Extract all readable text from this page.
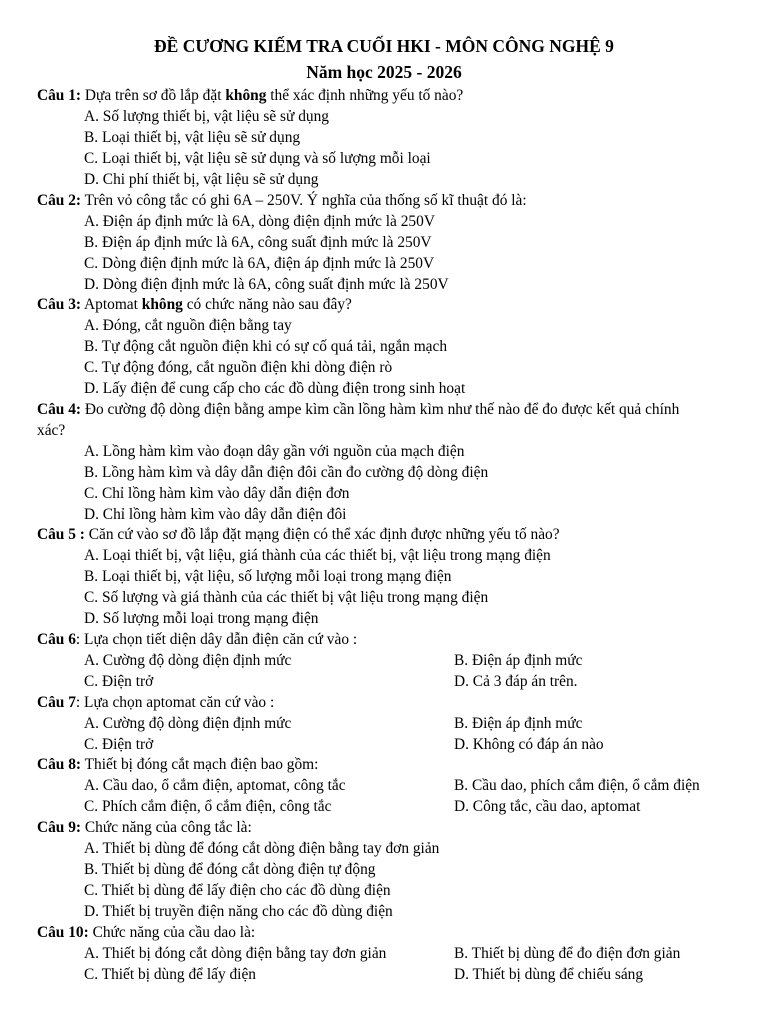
ĐỀ CƯƠNG KIẾM TRA CUỐI HKI - MÔN CÔNG NGHỆ 9
Năm học 2025 - 2026
Câu 1: Dựa trên sơ đồ lắp đặt không thể xác định những yếu tố nào?
A. Số lượng thiết bị, vật liệu sẽ sử dụng
B. Loại thiết bị, vật liệu sẽ sử dụng
C. Loại thiết bị, vật liệu sẽ sử dụng và số lượng mỗi loại
D. Chi phí thiết bị, vật liệu sẽ sử dụng
Câu 2: Trên vỏ công tắc có ghi 6A – 250V. Ý nghĩa của thống số kĩ thuật đó là:
A. Điện áp định mức là 6A, dòng điện định mức là 250V
B. Điện áp định mức là 6A, công suất định mức là 250V
C. Dòng điện định mức là 6A, điện áp định mức là 250V
D. Dòng điện định mức là 6A, công suất định mức là 250V
Câu 3: Aptomat không có chức năng nào sau đây?
A. Đóng, cắt nguồn điện bằng tay
B. Tự động cắt nguồn điện khi có sự cố quá tải, ngắn mạch
C. Tự động đóng, cắt nguồn điện khi dòng điện rò
D. Lấy điện để cung cấp cho các đồ dùng điện trong sinh hoạt
Câu 4: Đo cường độ dòng điện bằng ampe kìm cần lồng hàm kìm như thế nào để đo được kết quả chính
xác?
A. Lồng hàm kìm vào đoạn dây gần với nguồn của mạch điện
B. Lồng hàm kìm và dây dẫn điện đôi cần đo cường độ dòng điện
C. Chỉ lồng hàm kìm vào dây dẫn điện đơn
D. Chỉ lồng hàm kìm vào dây dẫn điện đôi
Câu 5 : Căn cứ vào sơ đồ lắp đặt mạng điện có thể xác định được những yếu tố nào?
A. Loại thiết bị, vật liệu, giá thành của các thiết bị, vật liệu trong mạng điện
B. Loại thiết bị, vật liệu, số lượng mỗi loại trong mạng điện
C. Số lượng và giá thành của các thiết bị vật liệu trong mạng điện
D. Số lượng mỗi loại trong mạng điện
Câu 6: Lựa chọn tiết diện dây dẫn điện căn cứ vào :
A. Cường độ dòng điện định mức	B. Điện áp định mức
C. Điện trở	D. Cả 3 đáp án trên.
Câu 7: Lựa chọn aptomat căn cứ vào :
A. Cường độ dòng điện định mức	B. Điện áp định mức
C. Điện trở	D. Không có đáp án nào
Câu 8: Thiết bị đóng cắt mạch điện bao gồm:
A. Cầu dao, ổ cắm điện, aptomat, công tắc	B. Cầu dao, phích cắm điện, ổ cắm điện
C. Phích cắm điện, ổ cắm điện, công tắc	D. Công tắc, cầu dao, aptomat
Câu 9: Chức năng của công tắc là:
A. Thiết bị dùng để đóng cắt dòng điện bằng tay đơn giản
B. Thiết bị dùng để đóng cắt dòng điện tự động
C. Thiết bị dùng để lấy điện cho các đồ dùng điện
D. Thiết bị truyền điện năng cho các đồ dùng điện
Câu 10: Chức năng của cầu dao là:
A. Thiết bị đóng cắt dòng điện bằng tay đơn giản	B. Thiết bị dùng để đo điện đơn giản
C. Thiết bị dùng để lấy điện	D. Thiết bị dùng để chiếu sáng
